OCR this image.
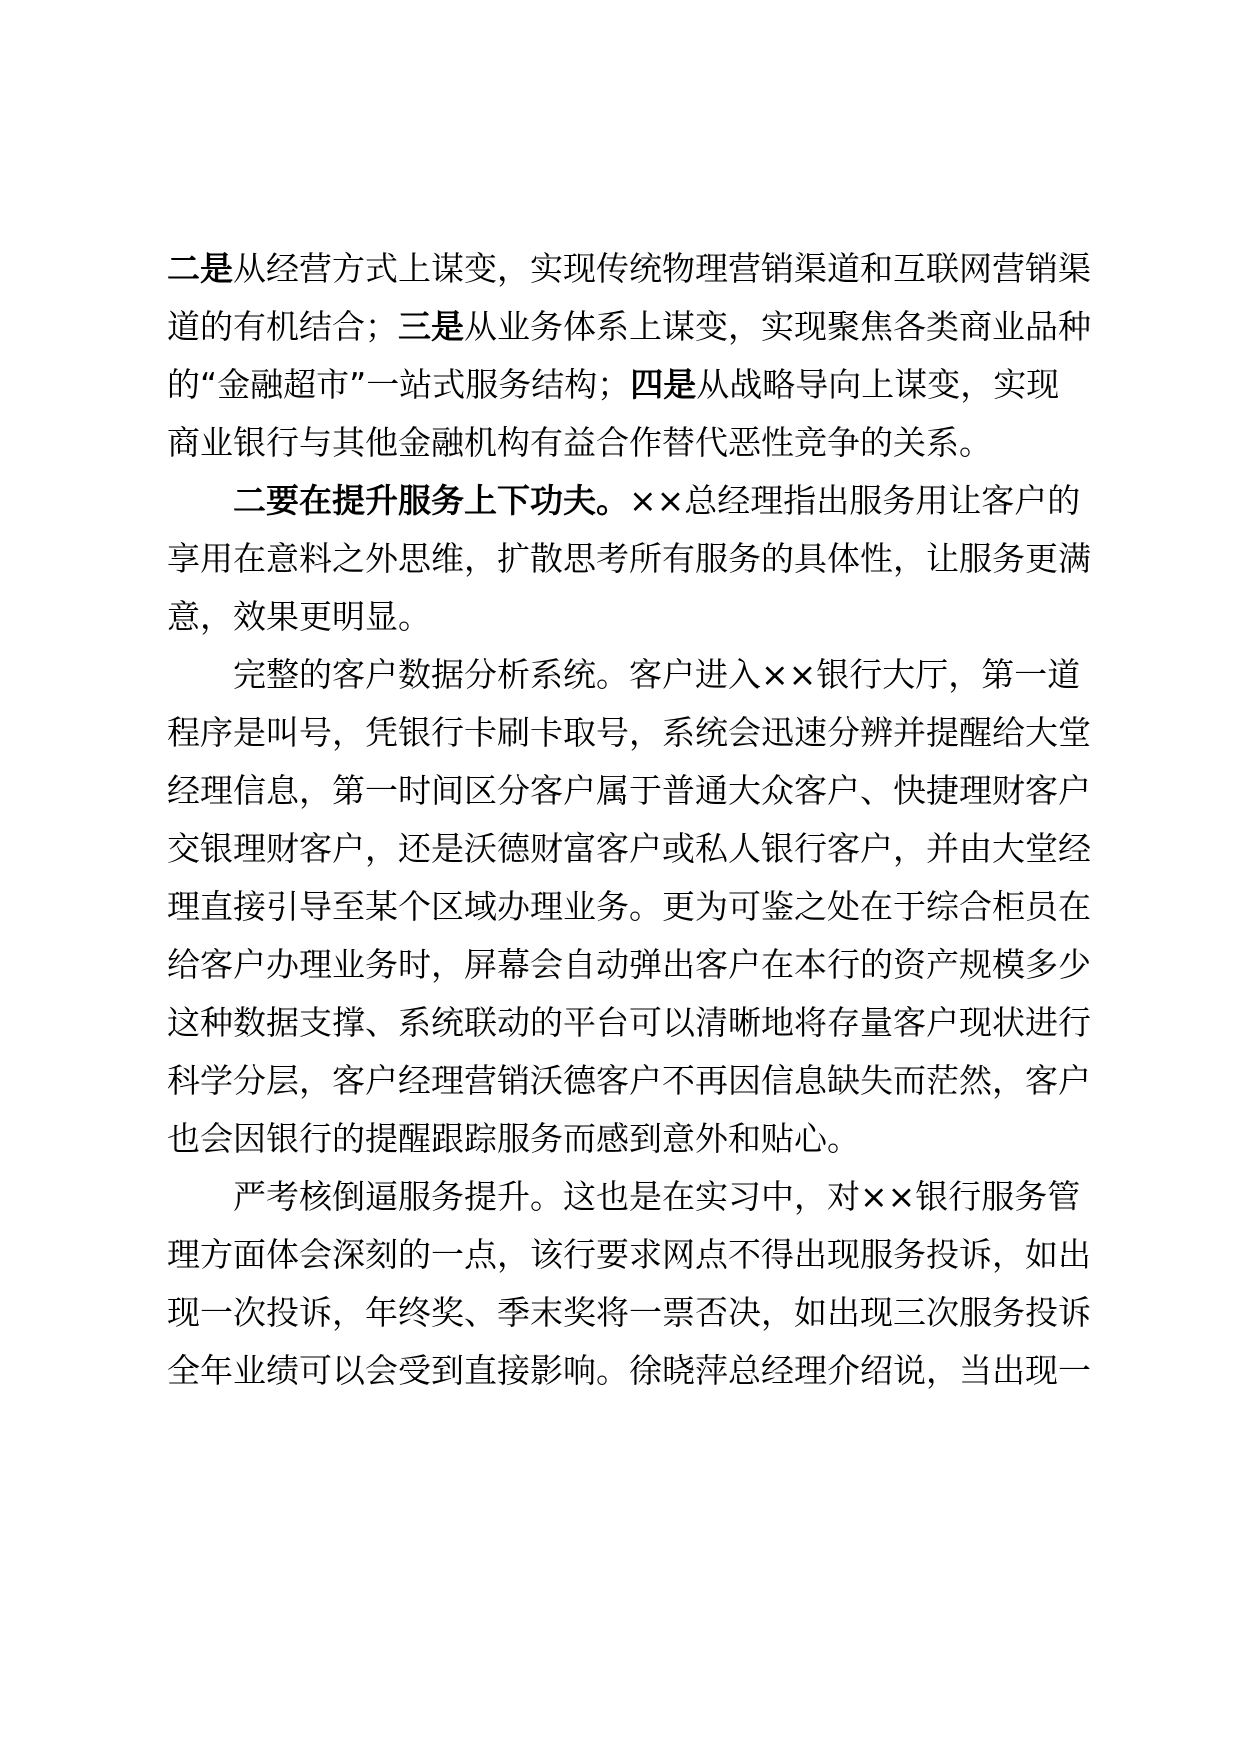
二是从经营方式上谋变，实现传统物理营销渠道和互联网营销渠
道的有机结合；三是从业务体系上谋变，实现聚焦各类商业品种
的“金融超市”一站式服务结构；四是从战略导向上谋变，实现
商业银行与其他金融机构有益合作替代恶性竞争的关系。
二要在提升服务上下功夫。××总经理指出服务用让客户的
享用在意料之外思维，扩散思考所有服务的具体性，让服务更满
意，效果更明显。
完整的客户数据分析系统。客户进入××银行大厅，第一道
程序是叫号，凭银行卡刷卡取号，系统会迅速分辨并提醒给大堂
经理信息，第一时间区分客户属于普通大众客户、快捷理财客户
交银理财客户，还是沃德财富客户或私人银行客户，并由大堂经
理直接引导至某个区域办理业务。更为可鉴之处在于综合柜员在
给客户办理业务时，屏幕会自动弹出客户在本行的资产规模多少
这种数据支撑、系统联动的平台可以清晰地将存量客户现状进行
科学分层，客户经理营销沃德客户不再因信息缺失而茫然，客户
也会因银行的提醒跟踪服务而感到意外和贴心。
严考核倒逼服务提升。这也是在实习中，对××银行服务管
理方面体会深刻的一点，该行要求网点不得出现服务投诉，如出
现一次投诉，年终奖、季末奖将一票否决，如出现三次服务投诉
全年业绩可以会受到直接影响。徐晓萍总经理介绍说，当出现一
